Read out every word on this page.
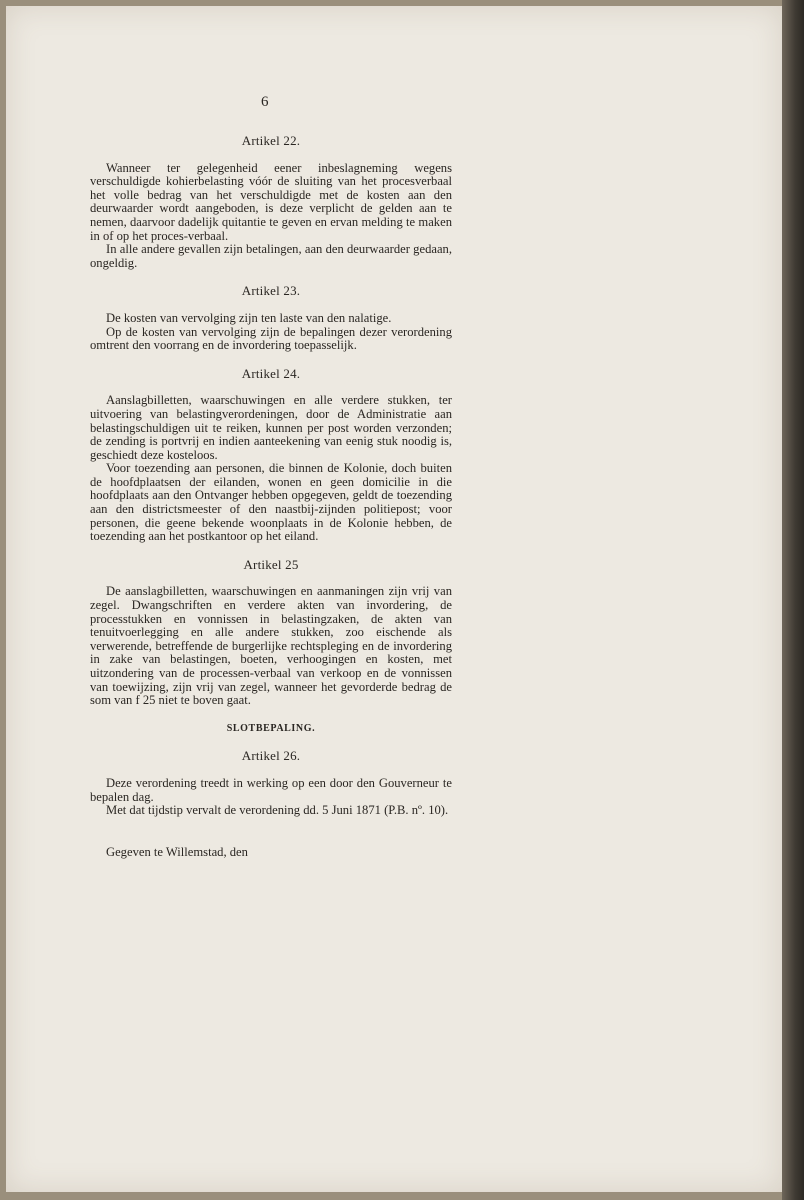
6
Artikel 22.

Wanneer ter gelegenheid eener inbeslagneming wegens verschuldigde kohierbelasting vóór de sluiting van het procesverbaal het volle bedrag van het verschuldigde met de kosten aan den deurwaarder wordt aangeboden, is deze verplicht de gelden aan te nemen, daarvoor dadelijk quitantie te geven en ervan melding te maken in of op het proces-verbaal.

In alle andere gevallen zijn betalingen, aan den deurwaarder gedaan, ongeldig.

Artikel 23.

De kosten van vervolging zijn ten laste van den nalatige.

Op de kosten van vervolging zijn de bepalingen dezer verordening omtrent den voorrang en de invordering toepasselijk.

Artikel 24.

Aanslagbilletten, waarschuwingen en alle verdere stukken, ter uitvoering van belastingverordeningen, door de Administratie aan belastingschuldigen uit te reiken, kunnen per post worden verzonden; de zending is portvrij en indien aanteekening van eenig stuk noodig is, geschiedt deze kosteloos.

Voor toezending aan personen, die binnen de Kolonie, doch buiten de hoofdplaatsen der eilanden, wonen en geen domicilie in die hoofdplaats aan den Ontvanger hebben opgegeven, geldt de toezending aan den districtsmeester of den naastbij-zijnden politiepost; voor personen, die geene bekende woonplaats in de Kolonie hebben, de toezending aan het postkantoor op het eiland.

Artikel 25

De aanslagbilletten, waarschuwingen en aanmaningen zijn vrij van zegel. Dwangschriften en verdere akten van invordering, de processtukken en vonnissen in belastingzaken, de akten van tenuitvoerlegging en alle andere stukken, zoo eischende als verwerende, betreffende de burgerlijke rechtspleging en de invordering in zake van belastingen, boeten, verhoogingen en kosten, met uitzondering van de processen-verbaal van verkoop en de vonnissen van toewijzing, zijn vrij van zegel, wanneer het gevorderde bedrag de som van f 25 niet te boven gaat.

SLOTBEPALING.
Artikel 26.

Deze verordening treedt in werking op een door den Gouverneur te bepalen dag.

Met dat tijdstip vervalt de verordening dd. 5 Juni 1871 (P.B. nº. 10).

Gegeven te Willemstad, den
